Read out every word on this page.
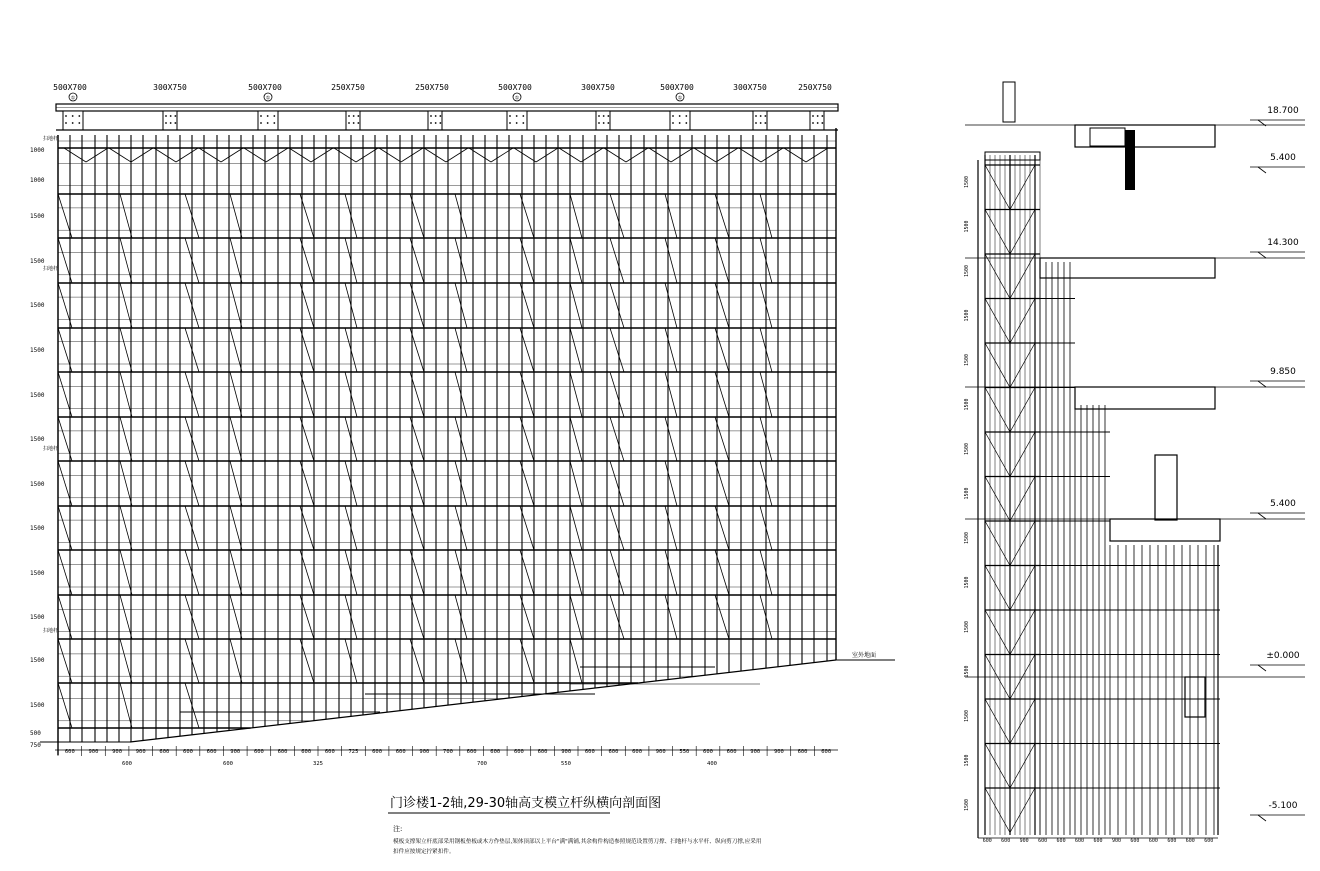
500X700	300X750	500X700	250X750	250X750	500X700	300X750	500X700	300X750	250X750
①	①	①	①
1000
1000
1500
1500
1500
1500
1500
1500
1500
1500
1500
1500
1500
1500
500
750
扫地杆
扫地杆
扫地杆
扫地杆
600 900 900 900 600 600 600 900 600 600 600 600 725 600 600 900 700 600 600 600 600 900 600 600 600 900 550 600 600 900 900 600 600
600	600	325	700	550	400
室外地面
18.700
5.400
14.300
9.850
5.400
±0.000
-5.100
1500
1500
1500
1500
1500
1500
1500
1500
1500
1500
1500
1500
1500
1500
1500
600 600 900 600 600 600 600 900 600 600 600 600 600
门诊楼1-2轴,29-30轴高支模立杆纵横向剖面图
注:
模板支撑架立杆底部采用钢板垫板或木方作垫层,架体顶部以上平台"满"满铺,其余构件构造参照规范设置剪刀撑、扫地杆与水平杆、纵向剪刀撑,应采用
扣件应按规定拧紧扣件。
